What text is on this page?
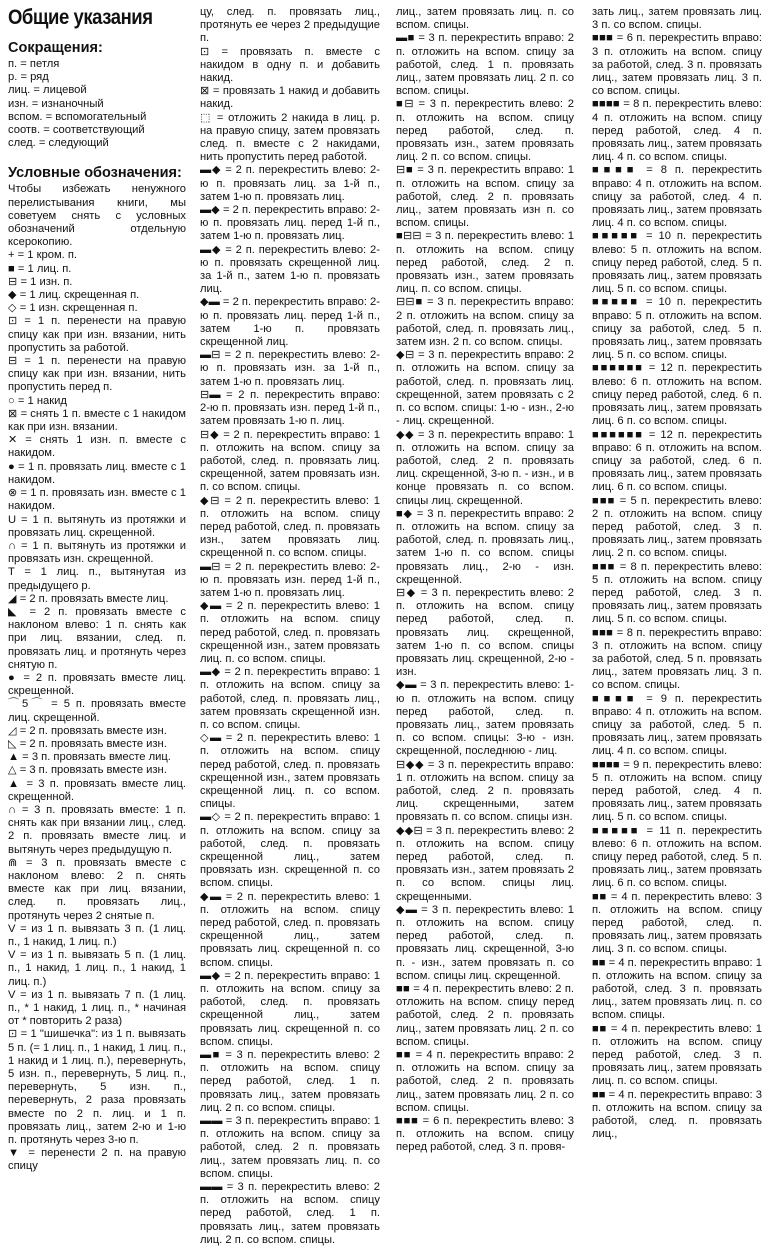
Общие указания
Сокращения:

п. = петля

р. = ряд

лиц. = лицевой

изн. = изнаночный

вспом. = вспомогательный

соотв. = соответствующий

след. = следующий

Условные обозначения:

Чтобы избежать ненужного перелистывания книги, мы советуем снять с условных обозначений отдельную ксерокопию.

+ = 1 кром. п.

■ = 1 лиц. п.

⊟ = 1 изн. п.

◆ = 1 лиц. скрещенная п.

◇ = 1 изн. скрещенная п.

⊡ = 1 п. перенести на правую спицу как при изн. вязании, нить пропустить за работой.

⊟ = 1 п. перенести на правую спицу как при изн. вязании, нить пропустить перед п.

○ = 1 накид

⊠ = снять 1 п. вместе с 1 накидом как при изн. вязании.

✕ = снять 1 изн. п. вместе с накидом.

● = 1 п. провязать лиц. вместе с 1 накидом.

⊗ = 1 п. провязать изн. вместе с 1 накидом.

U = 1 п. вытянуть из протяжки и провязать лиц. скрещенной.

∩ = 1 п. вытянуть из протяжки и провязать изн. скрещенной.

T = 1 лиц. п., вытянутая из предыдущего р.

◢ = 2 п. провязать вместе лиц.

◣ = 2 п. провязать вместе с наклоном влево: 1 п. снять как при лиц. вязании, след. п. провязать лиц. и протянуть через снятую п.

● = 2 п. провязать вместе лиц. скрещенной.

⌒5⌒ = 5 п. провязать вместе лиц. скрещенной.

◿ = 2 п. провязать вместе изн.

◺ = 2 п. провязать вместе изн.

▲ = 3 п. провязать вместе лиц.

△ = 3 п. провязать вместе изн.

▲ = 3 п. провязать вместе лиц. скрещенной.

∩ = 3 п. провязать вместе: 1 п. снять как при вязании лиц., след. 2 п. провязать вместе лиц. и вытянуть через предыдущую п.

⋒ = 3 п. провязать вместе с наклоном влево: 2 п. снять вместе как при лиц. вязании, след. п. провязать лиц., протянуть через 2 снятые п.

V = из 1 п. вывязать 3 п. (1 лиц. п., 1 накид, 1 лиц. п.)

V = из 1 п. вывязать 5 п. (1 лиц. п., 1 накид, 1 лиц. п., 1 накид, 1 лиц. п.)

V = из 1 п. вывязать 7 п. (1 лиц. п., * 1 накид, 1 лиц. п., * начиная от * повторить 2 раза)

⊡ = 1 "шишечка": из 1 п. вывязать 5 п. (= 1 лиц. п., 1 накид, 1 лиц. п., 1 накид и 1 лиц. п.), перевернуть, 5 изн. п., перевернуть, 5 лиц. п., перевернуть, 5 изн. п., перевернуть, 2 раза провязать вместе по 2 п. лиц. и 1 п. провязать лиц., затем 2-ю и 1-ю п. протянуть через 3-ю п.

▼ = перенести 2 п. на правую спицу

цу, след. п. провязать лиц., протянуть ее через 2 предыдущие п.

⊡ = провязать п. вместе с накидом в одну п. и добавить накид.

⊠ = провязать 1 накид и добавить накид.

⬚ = отложить 2 накида в лиц. р. на правую спицу, затем провязать след. п. вместе с 2 накидами, нить пропустить перед работой.

▬◆ = 2 п. перекрестить влево: 2-ю п. провязать лиц. за 1-й п., затем 1-ю п. провязать лиц.

▬◆ = 2 п. перекрестить вправо: 2-ю п. провязать лиц. перед 1-й п., затем 1-ю п. провязать лиц.

▬◆ = 2 п. перекрестить влево: 2-ю п. провязать скрещенной лиц. за 1-й п., затем 1-ю п. провязать лиц.

◆▬ = 2 п. перекрестить вправо: 2-ю п. провязать лиц. перед 1-й п., затем 1-ю п. провязать скрещенной лиц.

▬⊟ = 2 п. перекрестить влево: 2-ю п. провязать изн. за 1-й п., затем 1-ю п. провязать лиц.

⊟▬ = 2 п. перекрестить вправо: 2-ю п. провязать изн. перед 1-й п., затем провязать 1-ю п. лиц.

⊟◆ = 2 п. перекрестить вправо: 1 п. отложить на вспом. спицу за работой, след. п. провязать лиц. скрещенной, затем провязать изн. п. со вспом. спицы.

◆⊟ = 2 п. перекрестить влево: 1 п. отложить на вспом. спицу перед работой, след. п. провязать изн., затем провязать лиц. скрещенной п. со вспом. спицы.

▬⊟ = 2 п. перекрестить влево: 2-ю п. провязать изн. перед 1-й п., затем 1-ю п. провязать лиц.

◆▬ = 2 п. перекрестить влево: 1 п. отложить на вспом. спицу перед работой, след. п. провязать скрещенной изн., затем провязать лиц. п. со вспом. спицы.

▬◆ = 2 п. перекрестить вправо: 1 п. отложить на вспом. спицу за работой, след. п. провязать лиц., затем провязать скрещенной изн. п. со вспом. спицы.

◇▬ = 2 п. перекрестить влево: 1 п. отложить на вспом. спицу перед работой, след. п. провязать скрещенной изн., затем провязать скрещенной лиц. п. со вспом. спицы.

▬◇ = 2 п. перекрестить вправо: 1 п. отложить на вспом. спицу за работой, след. п. провязать скрещенной лиц., затем провязать изн. скрещенной п. со вспом. спицы.

◆▬ = 2 п. перекрестить влево: 1 п. отложить на вспом. спицу перед работой, след. п. провязать скрещенной лиц., затем провязать лиц. скрещенной п. со вспом. спицы.

▬◆ = 2 п. перекрестить вправо: 1 п. отложить на вспом. спицу за работой, след. п. провязать скрещенной лиц., затем провязать лиц. скрещенной п. со вспом. спицы.

▬■ = 3 п. перекрестить влево: 2 п. отложить на вспом. спицу перед работой, след. 1 п. провязать лиц., затем провязать лиц. 2 п. со вспом. спицы.

▬▬ = 3 п. перекрестить вправо: 1 п. отложить на вспом. спицу за работой, след. 2 п. провязать лиц., затем провязать лиц. п. со вспом. спицы.

▬▬ = 3 п. перекрестить влево: 2 п. отложить на вспом. спицу перед работой, след. 1 п. провязать лиц., затем провязать лиц. 2 п. со вспом. спицы.

лиц., затем провязать лиц. п. со вспом. спицы.

▬■ = 3 п. перекрестить вправо: 2 п. отложить на вспом. спицу за работой, след. 1 п. провязать лиц., затем провязать лиц. 2 п. со вспом. спицы.

■⊟ = 3 п. перекрестить влево: 2 п. отложить на вспом. спицу перед работой, след. п. провязать изн., затем провязать лиц. 2 п. со вспом. спицы.

⊟■ = 3 п. перекрестить вправо: 1 п. отложить на вспом. спицу за работой, след. 2 п. провязать лиц., затем провязать изн п. со вспом. спицы.

■⊟⊟ = 3 п. перекрестить влево: 1 п. отложить на вспом. спицу перед работой, след. 2 п. провязать изн., затем провязать лиц. п. со вспом. спицы.

⊟⊟■ = 3 п. перекрестить вправо: 2 п. отложить на вспом. спицу за работой, след. п. провязать лиц., затем изн. 2 п. со вспом. спицы.

◆⊟ = 3 п. перекрестить вправо: 2 п. отложить на вспом. спицу за работой, след. п. провязать лиц. скрещенной, затем провязать с 2 п. со вспом. спицы: 1-ю - изн., 2-ю - лиц. скрещенной.

◆◆ = 3 п. перекрестить вправо: 1 п. отложить на вспом. спицу за работой, след. 2 п. провязать лиц. скрещенной, 3-ю п. - изн., и в конце провязать п. со вспом. спицы лиц. скрещенной.

■◆ = 3 п. перекрестить вправо: 2 п. отложить на вспом. спицу за работой, след. п. провязать лиц., затем 1-ю п. со вспом. спицы провязать лиц., 2-ю - изн. скрещенной.

⊟◆ = 3 п. перекрестить влево: 2 п. отложить на вспом. спицу перед работой, след. п. провязать лиц. скрещенной, затем 1-ю п. со вспом. спицы провязать лиц. скрещенной, 2-ю - изн.

◆▬ = 3 п. перекрестить влево: 1-ю п. отложить на вспом. спицу перед работой, след. п. провязать лиц., затем провязать п. со вспом. спицы: 3-ю - изн. скрещенной, последнюю - лиц.

⊟◆◆ = 3 п. перекрестить вправо: 1 п. отложить на вспом. спицу за работой, след. 2 п. провязать лиц. скрещенными, затем провязать п. со вспом. спицы изн.

◆◆⊟ = 3 п. перекрестить влево: 2 п. отложить на вспом. спицу перед работой, след. п. провязать изн., затем провязать 2 п. со вспом. спицы лиц. скрещенными.

◆▬ = 3 п. перекрестить влево: 1 п. отложить на вспом. спицу перед работой, след. п. провязать лиц. скрещенной, 3-ю п. - изн., затем провязать п. со вспом. спицы лиц. скрещенной.

■■ = 4 п. перекрестить влево: 2 п. отложить на вспом. спицу перед работой, след. 2 п. провязать лиц., затем провязать лиц. 2 п. со вспом. спицы.

■■ = 4 п. перекрестить вправо: 2 п. отложить на вспом. спицу за работой, след. 2 п. провязать лиц., затем провязать лиц. 2 п. со вспом. спицы.

■■■ = 6 п. перекрестить влево: 3 п. отложить на вспом. спицу перед работой, след. 3 п. провя-

зать лиц., затем провязать лиц. 3 п. со вспом. спицы.

■■■ = 6 п. перекрестить вправо: 3 п. отложить на вспом. спицу за работой, след. 3 п. провязать лиц., затем провязать лиц. 3 п. со вспом. спицы.

■■■■ = 8 п. перекрестить влево: 4 п. отложить на вспом. спицу перед работой, след. 4 п. провязать лиц., затем провязать лиц. 4 п. со вспом. спицы.

■■■■ = 8 п. перекрестить вправо: 4 п. отложить на вспом. спицу за работой, след. 4 п. провязать лиц., затем провязать лиц. 4 п. со вспом. спицы.

■■■■■ = 10 п. перекрестить влево: 5 п. отложить на вспом. спицу перед работой, след. 5 п. провязать лиц., затем провязать лиц. 5 п. со вспом. спицы.

■■■■■ = 10 п. перекрестить вправо: 5 п. отложить на вспом. спицу за работой, след. 5 п. провязать лиц., затем провязать лиц. 5 п. со вспом. спицы.

■■■■■■ = 12 п. перекрестить влево: 6 п. отложить на вспом. спицу перед работой, след. 6 п. провязать лиц., затем провязать лиц. 6 п. со вспом. спицы.

■■■■■■ = 12 п. перекрестить вправо: 6 п. отложить на вспом. спицу за работой, след. 6 п. провязать лиц., затем провязать лиц. 6 п. со вспом. спицы.

■■■ = 5 п. перекрестить влево: 2 п. отложить на вспом. спицу перед работой, след. 3 п. провязать лиц., затем провязать лиц. 2 п. со вспом. спицы.

■■■ = 8 п. перекрестить влево: 5 п. отложить на вспом. спицу перед работой, след. 3 п. провязать лиц., затем провязать лиц. 5 п. со вспом. спицы.

■■■ = 8 п. перекрестить вправо: 3 п. отложить на вспом. спицу за работой, след. 5 п. провязать лиц., затем провязать лиц. 3 п. со вспом. спицы.

■■■■ = 9 п. перекрестить вправо: 4 п. отложить на вспом. спицу за работой, след. 5 п. провязать лиц., затем провязать лиц. 4 п. со вспом. спицы.

■■■■ = 9 п. перекрестить влево: 5 п. отложить на вспом. спицу перед работой, след. 4 п. провязать лиц., затем провязать лиц. 5 п. со вспом. спицы.

■■■■■ = 11 п. перекрестить влево: 6 п. отложить на вспом. спицу перед работой, след. 5 п. провязать лиц., затем провязать лиц. 6 п. со вспом. спицы.

■■ = 4 п. перекрестить влево: 3 п. отложить на вспом. спицу перед работой, след. п. провязать лиц., затем провязать лиц. 3 п. со вспом. спицы.

■■ = 4 п. перекрестить вправо: 1 п. отложить на вспом. спицу за работой, след. 3 п. провязать лиц., затем провязать лиц. п. со вспом. спицы.

■■ = 4 п. перекрестить влево: 1 п. отложить на вспом. спицу перед работой, след. 3 п. провязать лиц., затем провязать лиц. п. со вспом. спицы.

■■ = 4 п. перекрестить вправо: 3 п. отложить на вспом. спицу за работой, след. п. провязать лиц.,
